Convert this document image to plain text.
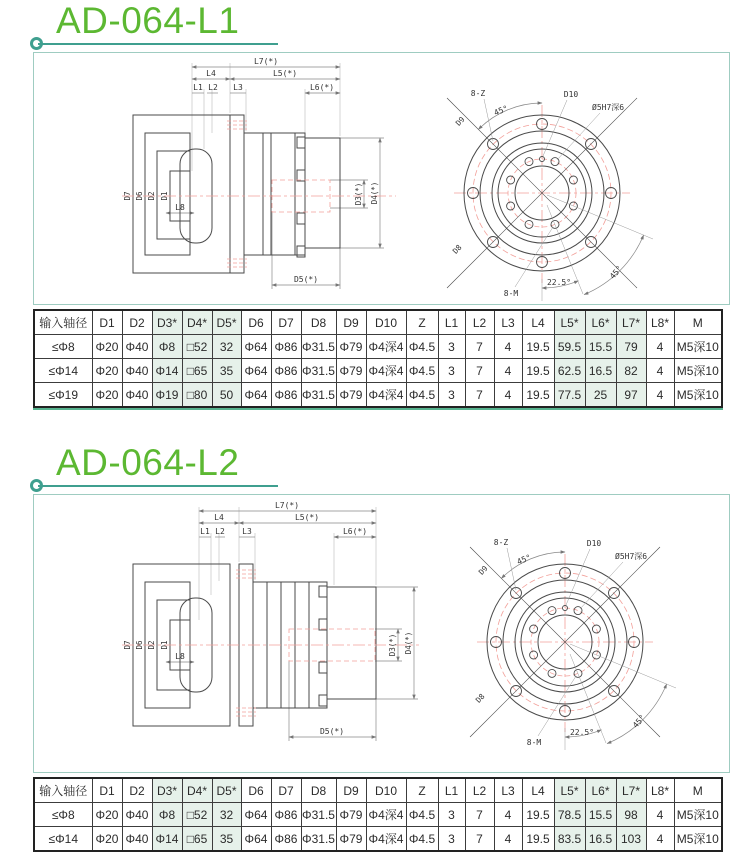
AD-064-L1
L7(*)
L4	L5(*)
L1 L2 L3	L6(*)
L8
D7 D6 D2 D1	D3(*) D4(*)
D5(*)
8-Z
45°
D10
Ø5H7深6
D9
D8
8-M
22.5°
45°
输入轴径	D1	D2	D3*	D4*	D5*	D6	D7	D8	D9	D10	Z	L1	L2	L3	L4	L5*	L6*	L7*	L8*	M
≤Φ8	Φ20	Φ40	Φ8	□52	32	Φ64	Φ86	Φ31.5	Φ79	Φ4深4	Φ4.5	3	7	4	19.5	59.5	15.5	79	4	M5深10
≤Φ14	Φ20	Φ40	Φ14	□65	35	Φ64	Φ86	Φ31.5	Φ79	Φ4深4	Φ4.5	3	7	4	19.5	62.5	16.5	82	4	M5深10
≤Φ19	Φ20	Φ40	Φ19	□80	50	Φ64	Φ86	Φ31.5	Φ79	Φ4深4	Φ4.5	3	7	4	19.5	77.5	25	97	4	M5深10
AD-064-L2
L7(*)
L4	L5(*)
L1 L2 L3	L6(*)
L8
D7 D6 D2 D1	D3(*) D4(*)
D5(*)
8-Z
45°
D10
Ø5H7深6
D9
D8
8-M
22.5°
45°
输入轴径	D1	D2	D3*	D4*	D5*	D6	D7	D8	D9	D10	Z	L1	L2	L3	L4	L5*	L6*	L7*	L8*	M
≤Φ8	Φ20	Φ40	Φ8	□52	32	Φ64	Φ86	Φ31.5	Φ79	Φ4深4	Φ4.5	3	7	4	19.5	78.5	15.5	98	4	M5深10
≤Φ14	Φ20	Φ40	Φ14	□65	35	Φ64	Φ86	Φ31.5	Φ79	Φ4深4	Φ4.5	3	7	4	19.5	83.5	16.5	103	4	M5深10
